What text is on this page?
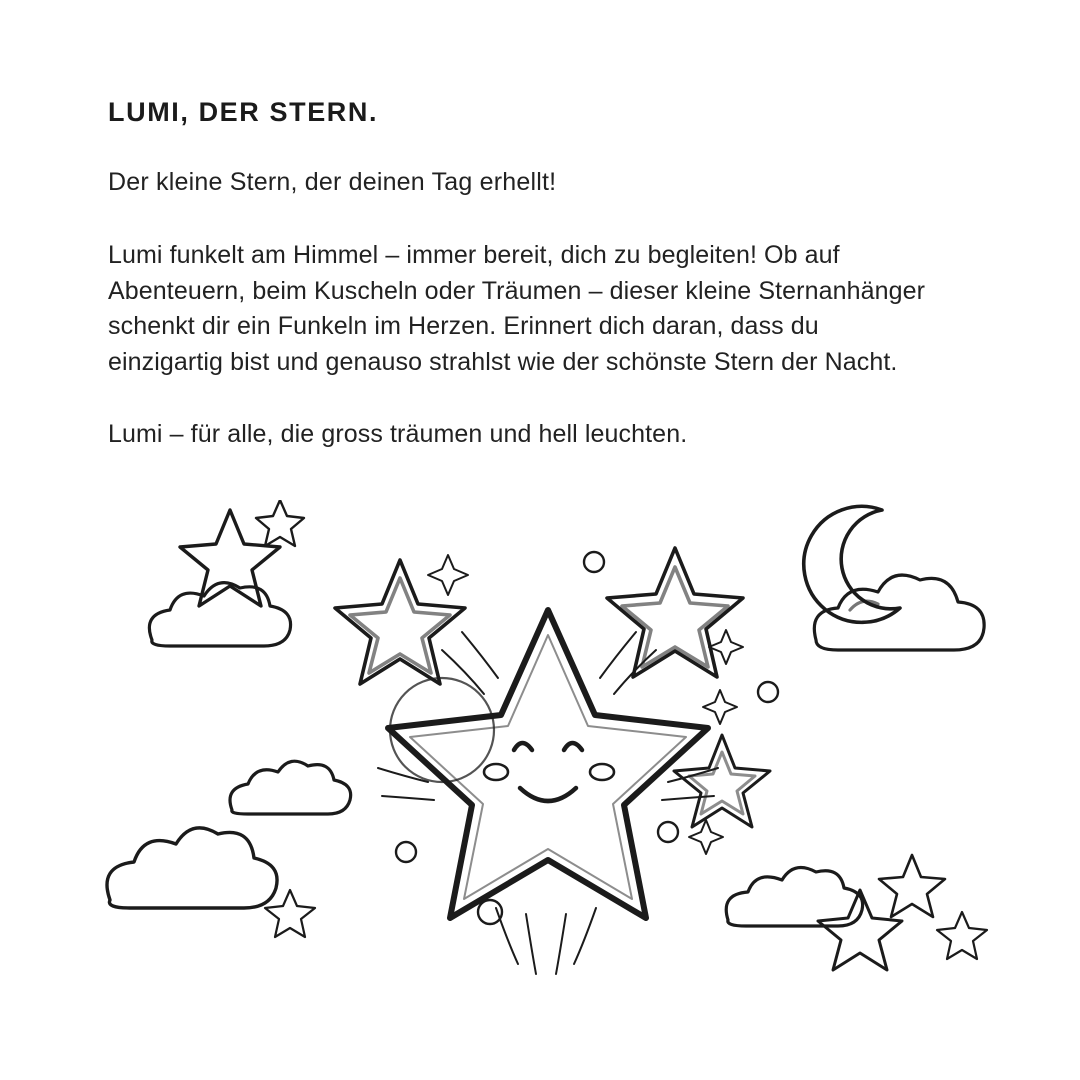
LUMI, DER STERN.

Der kleine Stern, der deinen Tag erhellt!

Lumi funkelt am Himmel – immer bereit, dich zu begleiten! Ob auf Abenteuern, beim Kuscheln oder Träumen – dieser kleine Sternanhänger schenkt dir ein Funkeln im Herzen. Erinnert dich daran, dass du einzigartig bist und genauso strahlst wie der schönste Stern der Nacht.

Lumi – für alle, die gross träumen und hell leuchten.
